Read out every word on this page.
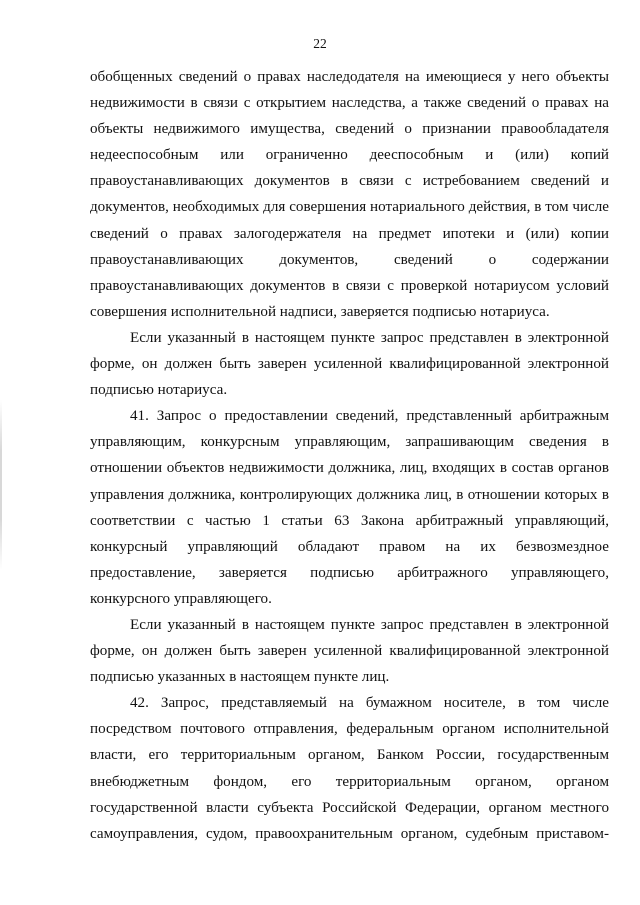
22

обобщенных сведений о правах наследодателя на имеющиеся у него объекты недвижимости в связи с открытием наследства, а также сведений о правах на объекты недвижимого имущества, сведений о признании правообладателя недееспособным или ограниченно дееспособным и (или) копий правоустанавливающих документов в связи с истребованием сведений и документов, необходимых для совершения нотариального действия, в том числе сведений о правах залогодержателя на предмет ипотеки и (или) копии правоустанавливающих документов, сведений о содержании правоустанавливающих документов в связи с проверкой нотариусом условий совершения исполнительной надписи, заверяется подписью нотариуса.

Если указанный в настоящем пункте запрос представлен в электронной форме, он должен быть заверен усиленной квалифицированной электронной подписью нотариуса.

41. Запрос о предоставлении сведений, представленный арбитражным управляющим, конкурсным управляющим, запрашивающим сведения в отношении объектов недвижимости должника, лиц, входящих в состав органов управления должника, контролирующих должника лиц, в отношении которых в соответствии с частью 1 статьи 63 Закона арбитражный управляющий, конкурсный управляющий обладают правом на их безвозмездное предоставление, заверяется подписью арбитражного управляющего, конкурсного управляющего.

Если указанный в настоящем пункте запрос представлен в электронной форме, он должен быть заверен усиленной квалифицированной электронной подписью указанных в настоящем пункте лиц.

42. Запрос, представляемый на бумажном носителе, в том числе посредством почтового отправления, федеральным органом исполнительной власти, его территориальным органом, Банком России, государственным внебюджетным фондом, его территориальным органом, органом государственной власти субъекта Российской Федерации, органом местного самоуправления, судом, правоохранительным органом, судебным приставом-
